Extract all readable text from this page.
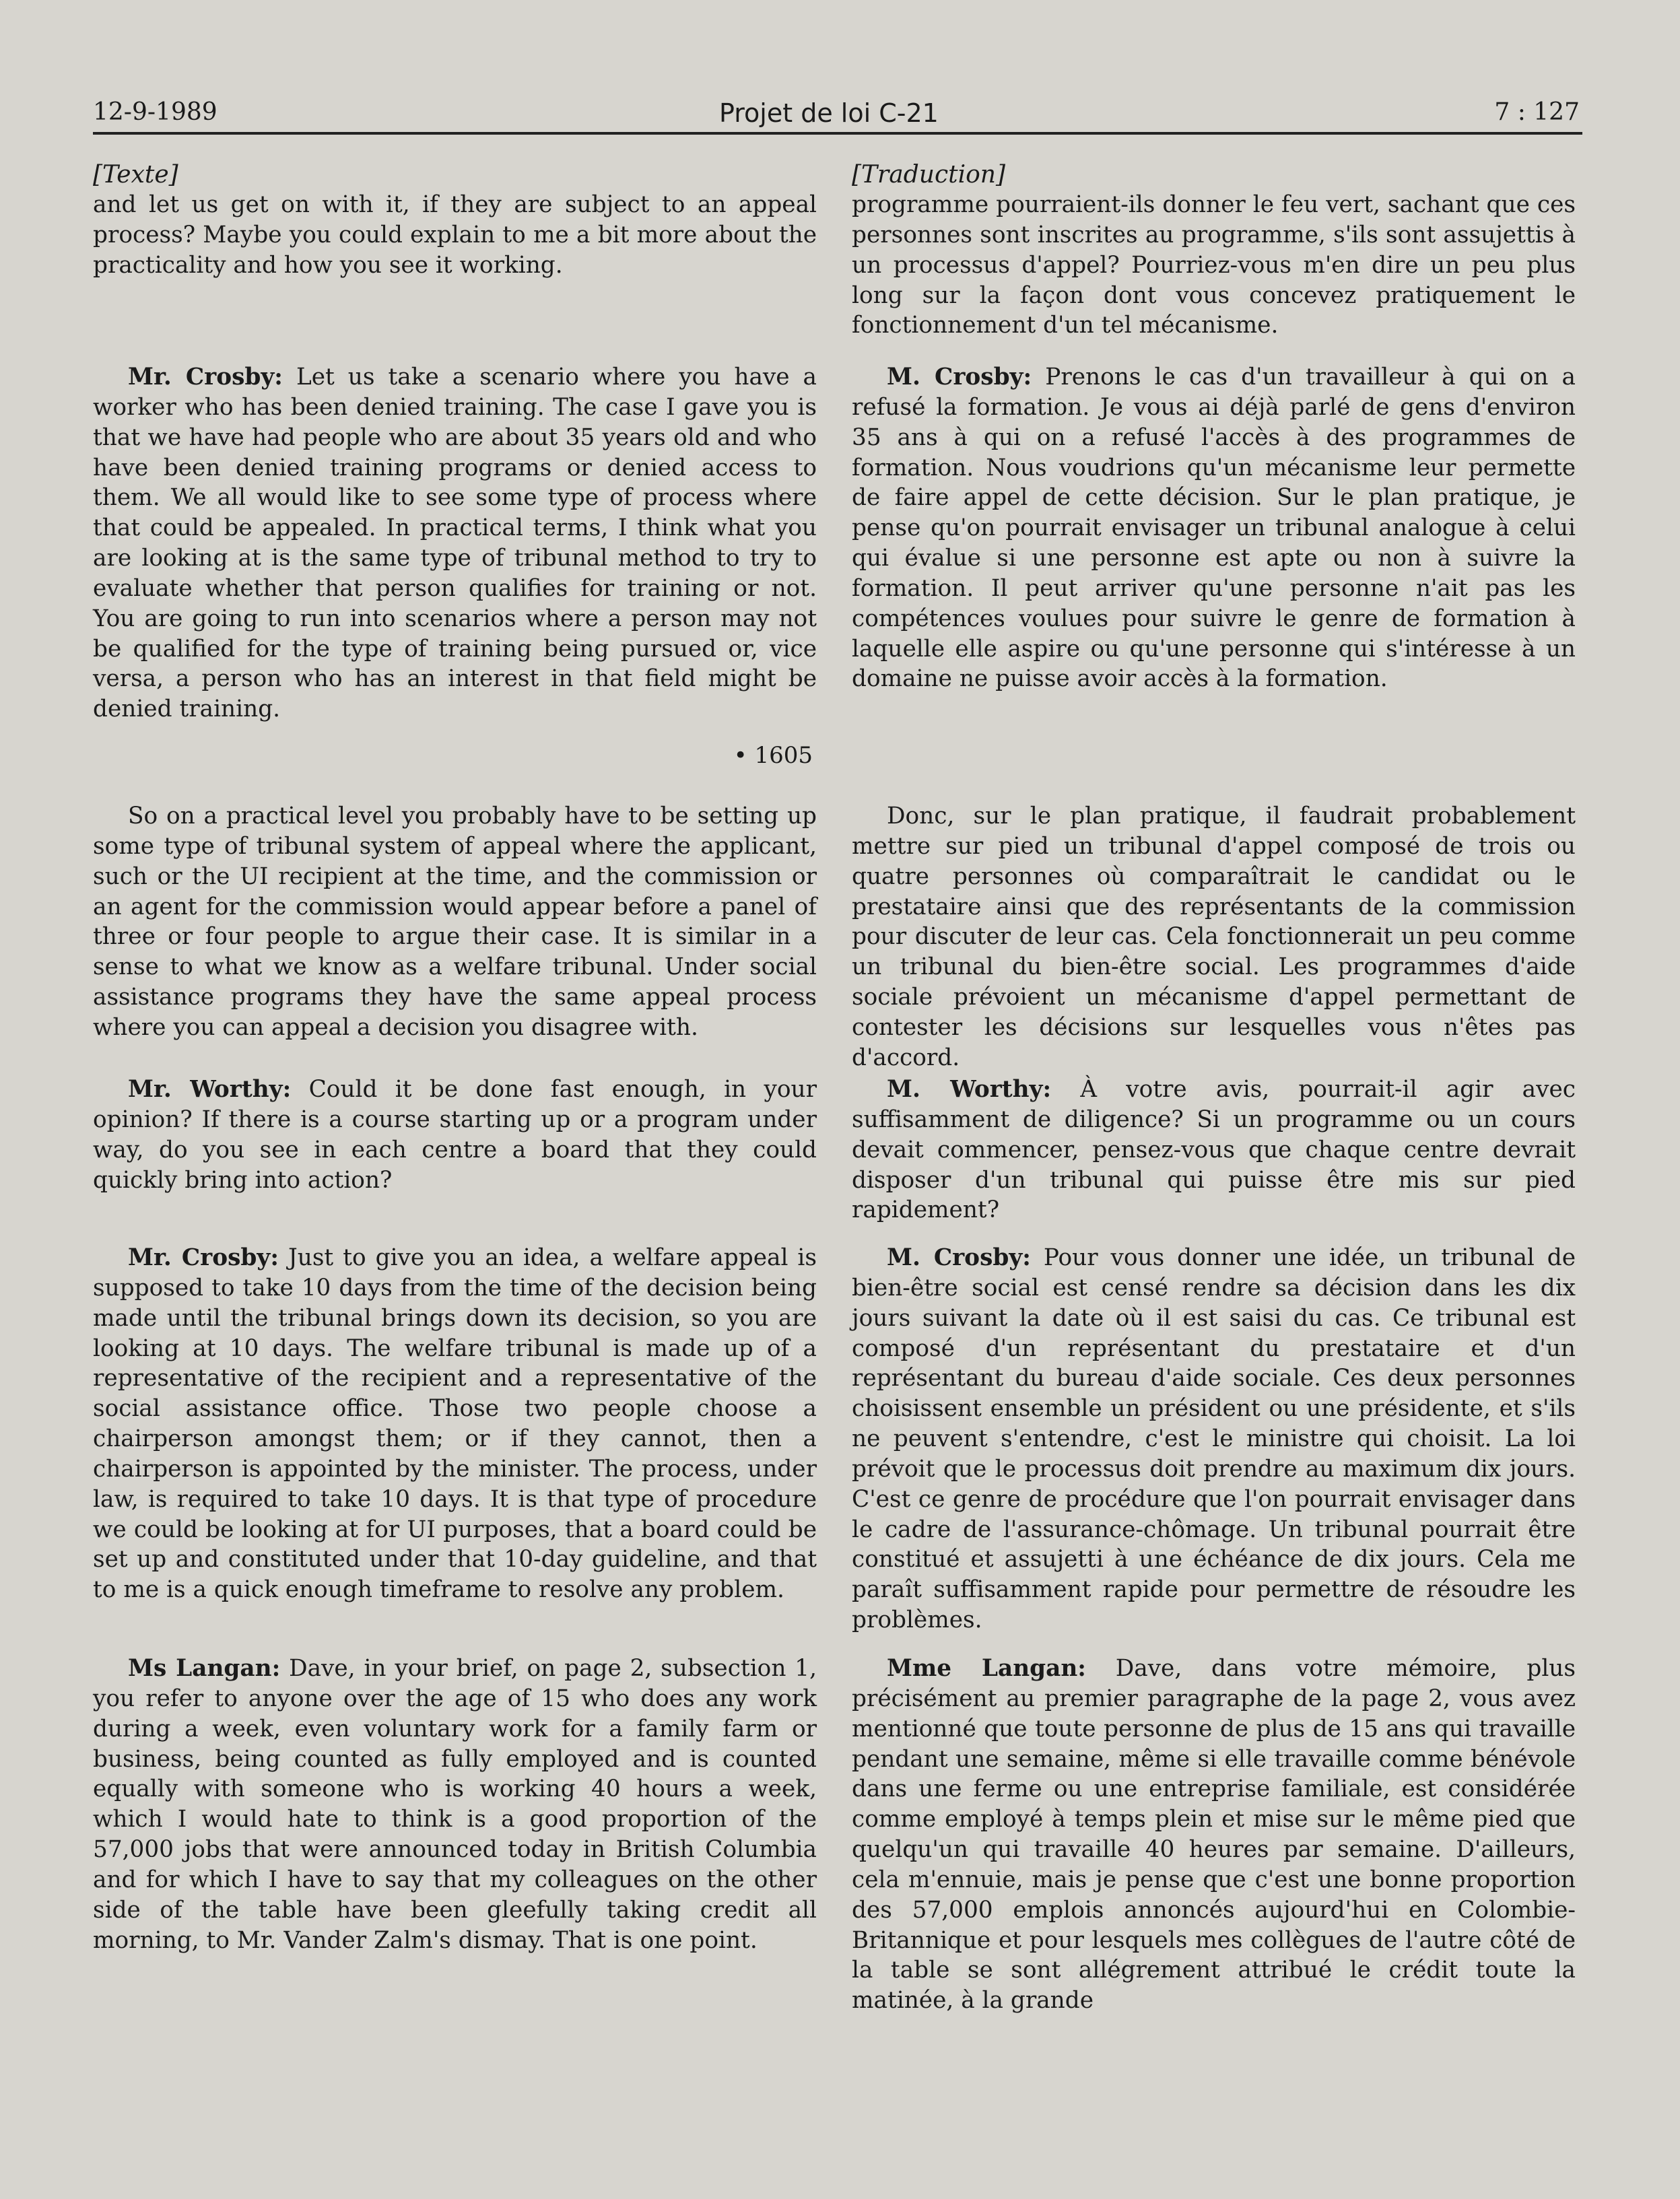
12-9-1989	Projet de loi C-21	7 : 127
[Texte]

and let us get on with it, if they are subject to an appeal process? Maybe you could explain to me a bit more about the practicality and how you see it working.

Mr. Crosby: Let us take a scenario where you have a worker who has been denied training. The case I gave you is that we have had people who are about 35 years old and who have been denied training programs or denied access to them. We all would like to see some type of process where that could be appealed. In practical terms, I think what you are looking at is the same type of tribunal method to try to evaluate whether that person qualifies for training or not. You are going to run into scenarios where a person may not be qualified for the type of training being pursued or, vice versa, a person who has an interest in that field might be denied training.

• 1605

So on a practical level you probably have to be setting up some type of tribunal system of appeal where the applicant, such or the UI recipient at the time, and the commission or an agent for the commission would appear before a panel of three or four people to argue their case. It is similar in a sense to what we know as a welfare tribunal. Under social assistance programs they have the same appeal process where you can appeal a decision you disagree with.

Mr. Worthy: Could it be done fast enough, in your opinion? If there is a course starting up or a program under way, do you see in each centre a board that they could quickly bring into action?

Mr. Crosby: Just to give you an idea, a welfare appeal is supposed to take 10 days from the time of the decision being made until the tribunal brings down its decision, so you are looking at 10 days. The welfare tribunal is made up of a representative of the recipient and a representative of the social assistance office. Those two people choose a chairperson amongst them; or if they cannot, then a chairperson is appointed by the minister. The process, under law, is required to take 10 days. It is that type of procedure we could be looking at for UI purposes, that a board could be set up and constituted under that 10-day guideline, and that to me is a quick enough timeframe to resolve any problem.

Ms Langan: Dave, in your brief, on page 2, subsection 1, you refer to anyone over the age of 15 who does any work during a week, even voluntary work for a family farm or business, being counted as fully employed and is counted equally with someone who is working 40 hours a week, which I would hate to think is a good proportion of the 57,000 jobs that were announced today in British Columbia and for which I have to say that my colleagues on the other side of the table have been gleefully taking credit all morning, to Mr. Vander Zalm's dismay. That is one point.

[Traduction]

programme pourraient-ils donner le feu vert, sachant que ces personnes sont inscrites au programme, s'ils sont assujettis à un processus d'appel? Pourriez-vous m'en dire un peu plus long sur la façon dont vous concevez pratiquement le fonctionnement d'un tel mécanisme.

M. Crosby: Prenons le cas d'un travailleur à qui on a refusé la formation. Je vous ai déjà parlé de gens d'environ 35 ans à qui on a refusé l'accès à des programmes de formation. Nous voudrions qu'un mécanisme leur permette de faire appel de cette décision. Sur le plan pratique, je pense qu'on pourrait envisager un tribunal analogue à celui qui évalue si une personne est apte ou non à suivre la formation. Il peut arriver qu'une personne n'ait pas les compétences voulues pour suivre le genre de formation à laquelle elle aspire ou qu'une personne qui s'intéresse à un domaine ne puisse avoir accès à la formation.

Donc, sur le plan pratique, il faudrait probablement mettre sur pied un tribunal d'appel composé de trois ou quatre personnes où comparaîtrait le candidat ou le prestataire ainsi que des représentants de la commission pour discuter de leur cas. Cela fonctionnerait un peu comme un tribunal du bien-être social. Les programmes d'aide sociale prévoient un mécanisme d'appel permettant de contester les décisions sur lesquelles vous n'êtes pas d'accord.

M. Worthy: À votre avis, pourrait-il agir avec suffisamment de diligence? Si un programme ou un cours devait commencer, pensez-vous que chaque centre devrait disposer d'un tribunal qui puisse être mis sur pied rapidement?

M. Crosby: Pour vous donner une idée, un tribunal de bien-être social est censé rendre sa décision dans les dix jours suivant la date où il est saisi du cas. Ce tribunal est composé d'un représentant du prestataire et d'un représentant du bureau d'aide sociale. Ces deux personnes choisissent ensemble un président ou une présidente, et s'ils ne peuvent s'entendre, c'est le ministre qui choisit. La loi prévoit que le processus doit prendre au maximum dix jours. C'est ce genre de procédure que l'on pourrait envisager dans le cadre de l'assurance-chômage. Un tribunal pourrait être constitué et assujetti à une échéance de dix jours. Cela me paraît suffisamment rapide pour permettre de résoudre les problèmes.

Mme Langan: Dave, dans votre mémoire, plus précisément au premier paragraphe de la page 2, vous avez mentionné que toute personne de plus de 15 ans qui travaille pendant une semaine, même si elle travaille comme bénévole dans une ferme ou une entreprise familiale, est considérée comme employé à temps plein et mise sur le même pied que quelqu'un qui travaille 40 heures par semaine. D'ailleurs, cela m'ennuie, mais je pense que c'est une bonne proportion des 57,000 emplois annoncés aujourd'hui en Colombie-Britannique et pour lesquels mes collègues de l'autre côté de la table se sont allégrement attribué le crédit toute la matinée, à la grande
